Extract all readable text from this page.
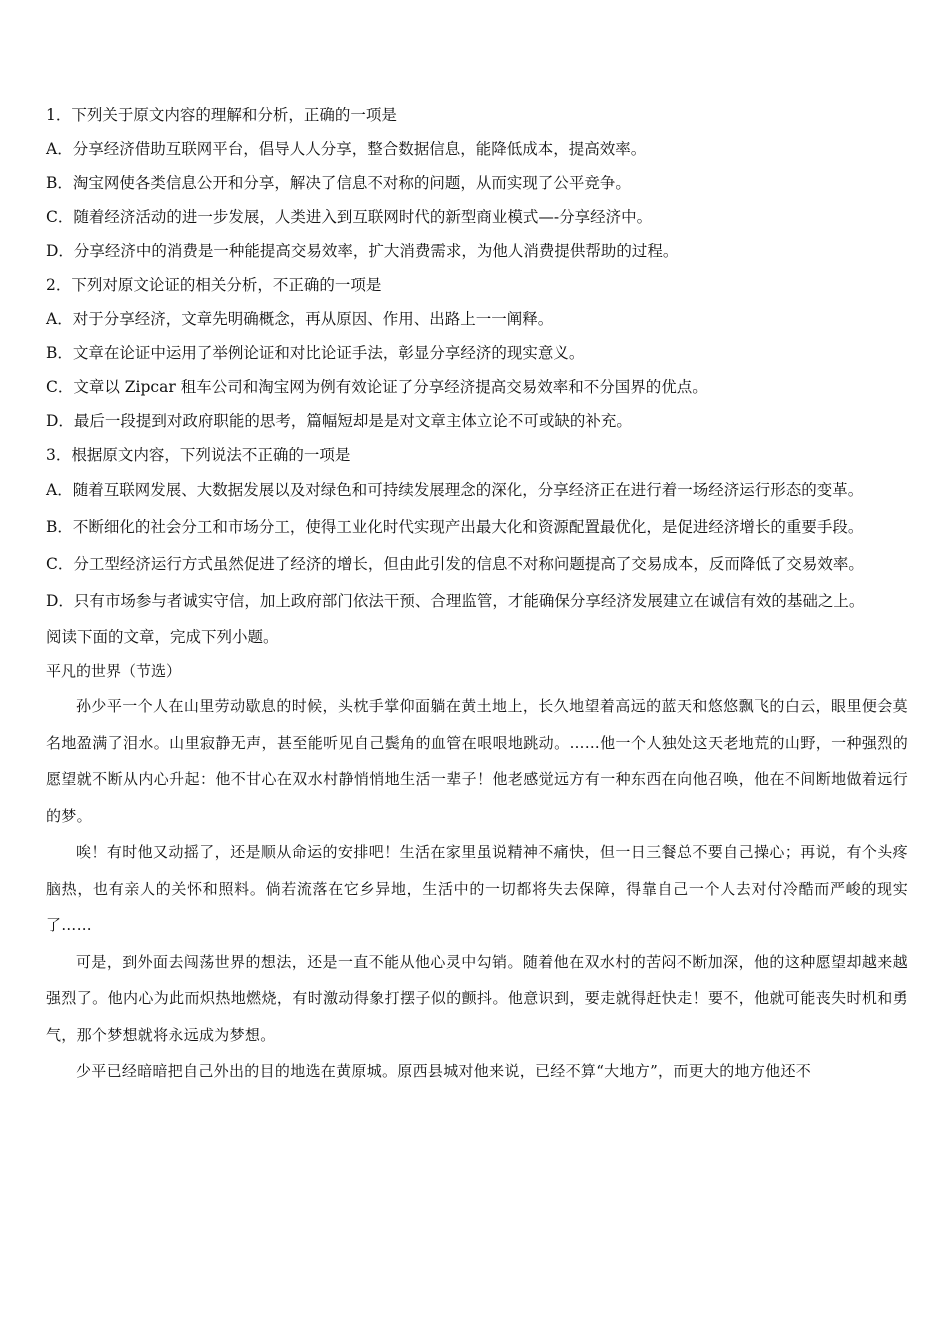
1．下列关于原文内容的理解和分析，正确的一项是
A．分享经济借助互联网平台，倡导人人分享，整合数据信息，能降低成本，提高效率。
B．淘宝网使各类信息公开和分享，解决了信息不对称的问题，从而实现了公平竞争。
C．随着经济活动的进一步发展，人类进入到互联网时代的新型商业模式—-分享经济中。
D．分享经济中的消费是一种能提高交易效率，扩大消费需求，为他人消费提供帮助的过程。
2．下列对原文论证的相关分析，不正确的一项是
A．对于分享经济，文章先明确概念，再从原因、作用、出路上一一阐释。
B．文章在论证中运用了举例论证和对比论证手法，彰显分享经济的现实意义。
C．文章以 Zipcar 租车公司和淘宝网为例有效论证了分享经济提高交易效率和不分国界的优点。
D．最后一段提到对政府职能的思考，篇幅短却是是对文章主体立论不可或缺的补充。
3．根据原文内容，下列说法不正确的一项是
A．随着互联网发展、大数据发展以及对绿色和可持续发展理念的深化，分享经济正在进行着一场经济运行形态的变革。
B．不断细化的社会分工和市场分工，使得工业化时代实现产出最大化和资源配置最优化，是促进经济增长的重要手段。
C．分工型经济运行方式虽然促进了经济的增长，但由此引发的信息不对称问题提高了交易成本，反而降低了交易效率。
D．只有市场参与者诚实守信，加上政府部门依法干预、合理监管，才能确保分享经济发展建立在诚信有效的基础之上。
阅读下面的文章，完成下列小题。
平凡的世界（节选）
孙少平一个人在山里劳动歇息的时候，头枕手掌仰面躺在黄土地上，长久地望着高远的蓝天和悠悠飘飞的白云，眼里便会莫名地盈满了泪水。山里寂静无声，甚至能听见自己鬓角的血管在哏哏地跳动。……他一个人独处这天老地荒的山野，一种强烈的愿望就不断从内心升起：他不甘心在双水村静悄悄地生活一辈子！他老感觉远方有一种东西在向他召唤，他在不间断地做着远行的梦。
唉！有时他又动摇了，还是顺从命运的安排吧！生活在家里虽说精神不痛快，但一日三餐总不要自己操心；再说，有个头疼脑热，也有亲人的关怀和照料。倘若流落在它乡异地，生活中的一切都将失去保障，得靠自己一个人去对付冷酷而严峻的现实了……
可是，到外面去闯荡世界的想法，还是一直不能从他心灵中勾销。随着他在双水村的苦闷不断加深，他的这种愿望却越来越强烈了。他内心为此而炽热地燃烧，有时激动得象打摆子似的颤抖。他意识到，要走就得赶快走！要不，他就可能丧失时机和勇气，那个梦想就将永远成为梦想。
少平已经暗暗把自己外出的目的地选在黄原城。原西县城对他来说，已经不算“大地方”，而更大的地方他还不
